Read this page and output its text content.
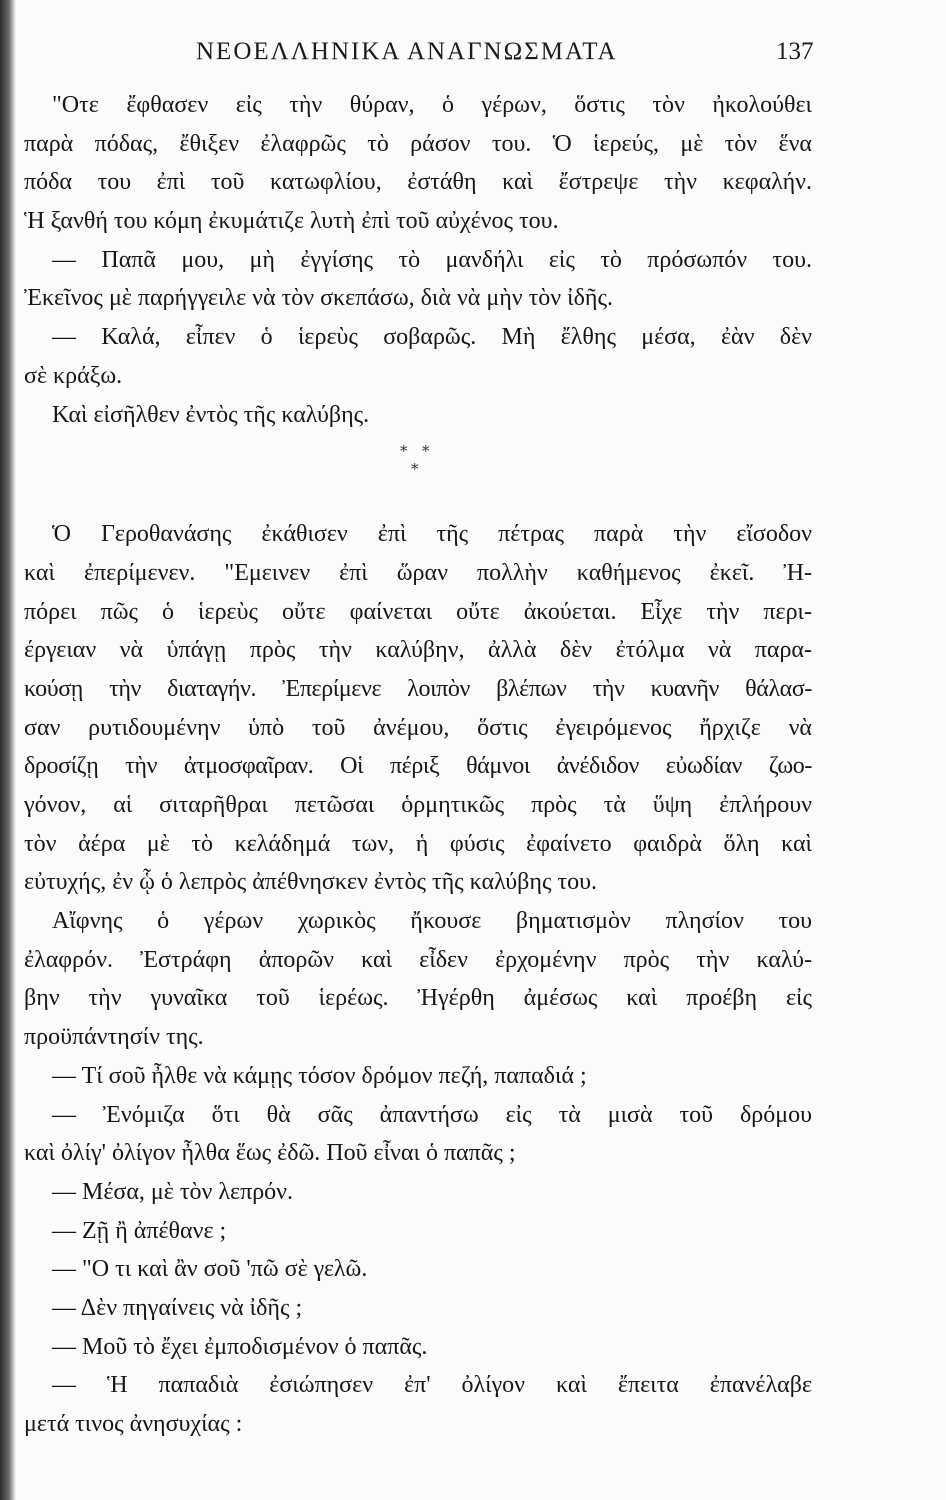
ΝΕΟΕΛΛΗΝΙΚΑ ΑΝΑΓΝΩΣΜΑΤΑ	137
"Οτε ἔφθασεν εἰς τὴν θύραν, ὁ γέρων, ὅστις τὸν ἠκολούθει
παρὰ πόδας, ἔθιξεν ἐλαφρῶς τὸ ράσον του. Ὁ ἱερεύς, μὲ τὸν ἕνα
πόδα του ἐπὶ τοῦ κατωφλίου, ἐστάθη καὶ ἔστρεψε τὴν κεφαλήν.
Ἡ ξανθή του κόμη ἐκυμάτιζε λυτὴ ἐπὶ τοῦ αὐχένος του.
— Παπᾶ μου, μὴ ἐγγίσης τὸ μανδήλι εἰς τὸ πρόσωπόν του.
Ἐκεῖνος μὲ παρήγγειλε νὰ τὸν σκεπάσω, διὰ νὰ μὴν τὸν ἰδῆς.
— Καλά, εἶπεν ὁ ἱερεὺς σοβαρῶς. Μὴ ἔλθης μέσα, ἐὰν δὲν
σὲ κράξω.
Καὶ εἰσῆλθεν ἐντὸς τῆς καλύβης.
* *
*
Ὁ Γεροθανάσης ἐκάθισεν ἐπὶ τῆς πέτρας παρὰ τὴν εἴσοδον
καὶ ἐπερίμενεν. "Εμεινεν ἐπὶ ὥραν πολλὴν καθήμενος ἐκεῖ. Ἠ-
πόρει πῶς ὁ ἱερεὺς οὔτε φαίνεται οὔτε ἀκούεται. Εἶχε τὴν περι-
έργειαν νὰ ὑπάγῃ πρὸς τὴν καλύβην, ἀλλὰ δὲν ἐτόλμα νὰ παρα-
κούσῃ τὴν διαταγήν. Ἐπερίμενε λοιπὸν βλέπων τὴν κυανῆν θάλασ-
σαν ρυτιδουμένην ὑπὸ τοῦ ἀνέμου, ὅστις ἐγειρόμενος ἤρχιζε νὰ
δροσίζῃ τὴν ἀτμοσφαῖραν. Οἱ πέριξ θάμνοι ἀνέδιδον εὐωδίαν ζωο-
γόνον, αἱ σιταρῆθραι πετῶσαι ὁρμητικῶς πρὸς τὰ ὕψη ἐπλήρουν
τὸν ἀέρα μὲ τὸ κελάδημά των, ἡ φύσις ἐφαίνετο φαιδρὰ ὅλη καὶ
εὐτυχής, ἐν ᾧ ὁ λεπρὸς ἀπέθνησκεν ἐντὸς τῆς καλύβης του.
Αἴφνης ὁ γέρων χωρικὸς ἤκουσε βηματισμὸν πλησίον του
ἐλαφρόν. Ἐστράφη ἀπορῶν καὶ εἶδεν ἐρχομένην πρὸς τὴν καλύ-
βην τὴν γυναῖκα τοῦ ἱερέως. Ἠγέρθη ἀμέσως καὶ προέβη εἰς
προϋπάντησίν της.
— Τί σοῦ ἦλθε νὰ κάμῃς τόσον δρόμον πεζή, παπαδιά ;
— Ἐνόμιζα ὅτι θὰ σᾶς ἀπαντήσω εἰς τὰ μισὰ τοῦ δρόμου
καὶ ὀλίγ' ὀλίγον ἦλθα ἕως ἐδῶ. Ποῦ εἶναι ὁ παπᾶς ;
— Μέσα, μὲ τὸν λεπρόν.
— Ζῇ ἢ ἀπέθανε ;
— "Ο τι καὶ ἂν σοῦ 'πῶ σὲ γελῶ.
— Δὲν πηγαίνεις νὰ ἰδῆς ;
— Μοῦ τὸ ἔχει ἐμποδισμένον ὁ παπᾶς.
— Ἡ παπαδιὰ ἐσιώπησεν ἐπ' ὀλίγον καὶ ἔπειτα ἐπανέλαβε
μετά τινος ἀνησυχίας :
